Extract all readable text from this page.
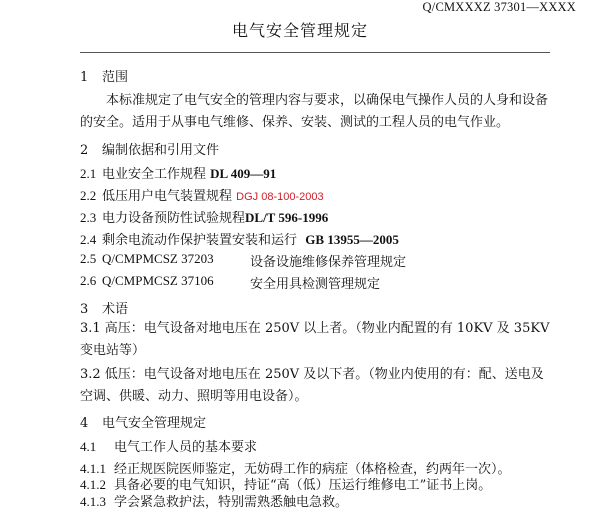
Q/CMXXXZ 37301—XXXX
电气安全管理规定
1 范围
本标准规定了电气安全的管理内容与要求，以确保电气操作人员的人身和设备的安全。适用于从事电气维修、保养、安装、测试的工程人员的电气作业。
2 编制依据和引用文件
2.1 电业安全工作规程 DL 409—91
2.2 低压用户电气装置规程 DGJ 08-100-2003
2.3 电力设备预防性试验规程DL/T 596-1996
2.4 剩余电流动作保护装置安装和运行 GB 13955—2005
2.5 Q/CMPMCSZ 37203	设备设施维修保养管理规定
2.6 Q/CMPMCSZ 37106	安全用具检测管理规定
3 术语
3.1 高压：电气设备对地电压在 250V 以上者。（物业内配置的有 10KV 及 35KV 变电站等）
3.2 低压：电气设备对地电压在 250V 及以下者。（物业内使用的有：配、送电及空调、供暖、动力、照明等用电设备）。
4 电气安全管理规定
4.1 电气工作人员的基本要求
4.1.1 经正规医院医师鉴定，无妨碍工作的病症（体格检查，约两年一次）。
4.1.2 具备必要的电气知识，持证“高（低）压运行维修电工”证书上岗。
4.1.3 学会紧急救护法，特别需熟悉触电急救。
